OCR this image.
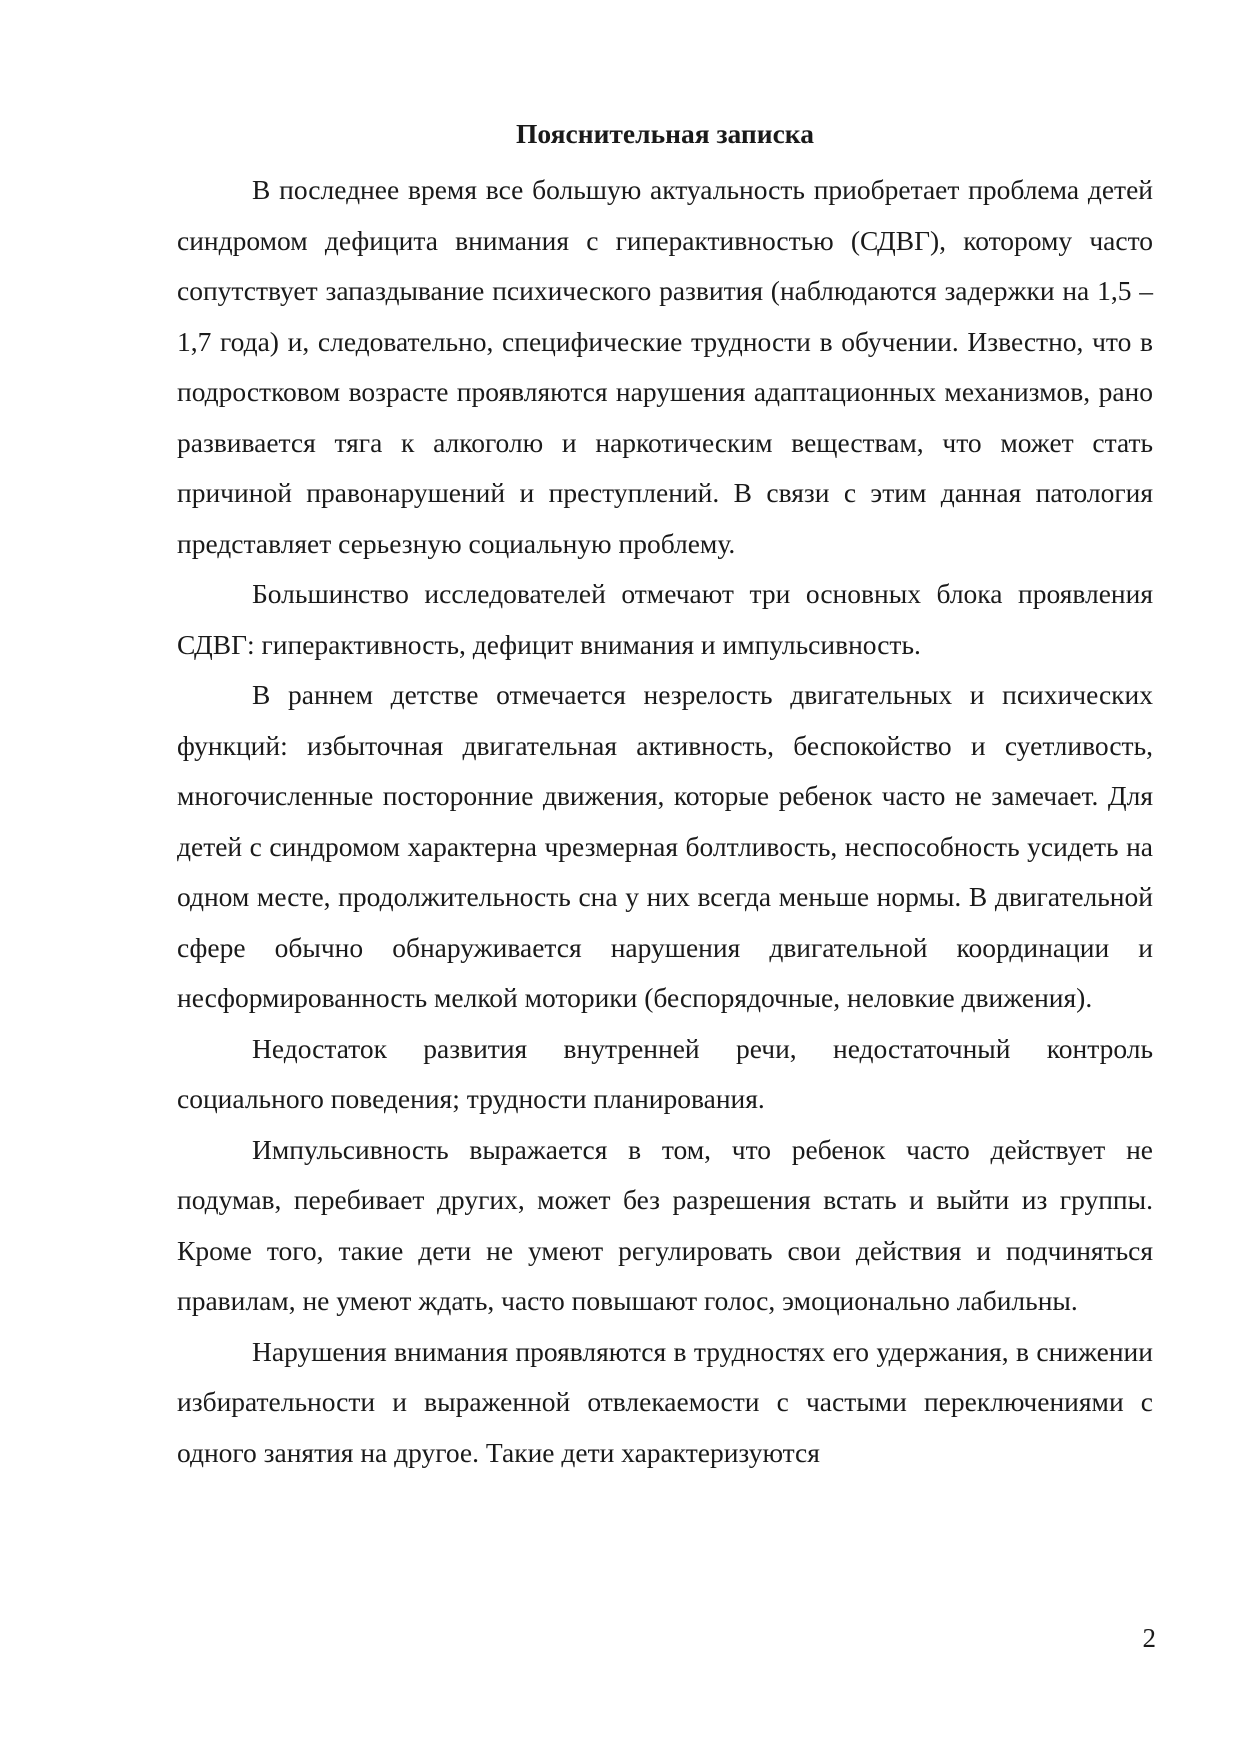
Пояснительная записка

В последнее время все большую актуальность приобретает проблема детей синдромом дефицита внимания с гиперактивностью (СДВГ), которому часто сопутствует запаздывание психического развития (наблюдаются задержки на 1,5 – 1,7 года) и, следовательно, специфические трудности в обучении. Известно, что в подростковом возрасте проявляются нарушения адаптационных механизмов, рано развивается тяга к алкоголю и наркотическим веществам, что может стать причиной правонарушений и преступлений. В связи с этим данная патология представляет серьезную социальную проблему.

Большинство исследователей отмечают три основных блока проявления СДВГ: гиперактивность, дефицит внимания и импульсивность.

В раннем детстве отмечается незрелость двигательных и психических функций: избыточная двигательная активность, беспокойство и суетливость, многочисленные посторонние движения, которые ребенок часто не замечает. Для детей с синдромом характерна чрезмерная болтливость, неспособность усидеть на одном месте, продолжительность сна у них всегда меньше нормы. В двигательной сфере обычно обнаруживается нарушения двигательной координации и несформированность мелкой моторики (беспорядочные, неловкие движения).

Недостаток развития внутренней речи, недостаточный контроль социального поведения; трудности планирования.

Импульсивность выражается в том, что ребенок часто действует не подумав, перебивает других, может без разрешения встать и выйти из группы. Кроме того, такие дети не умеют регулировать свои действия и подчиняться правилам, не умеют ждать, часто повышают голос, эмоционально лабильны.

Нарушения внимания проявляются в трудностях его удержания, в снижении избирательности и выраженной отвлекаемости с частыми переключениями с одного занятия на другое. Такие дети характеризуются

2
